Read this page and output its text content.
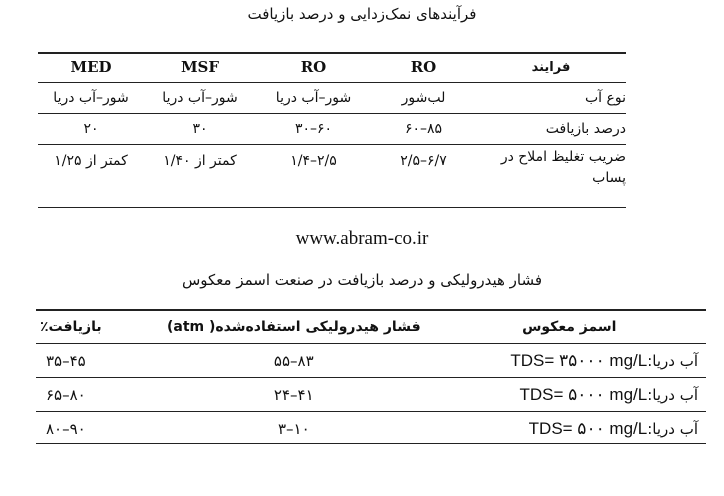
فرآیندهای نمک‌زدایی و درصد بازیافت
فرایند	RO	RO	MSF	MED
نوع آب	لب‌شور	شور–آب دریا	شور–آب دریا	شور–آب دریا
درصد بازیافت	۸۵–۶۰	۶۰–۳۰	۳۰	۲۰
ضریب تغلیظ املاح در پساب	۶/۷–۲/۵	۲/۵–۱/۴	کمتر از ۱/۴۰	کمتر از ۱/۲۵
www.abram-co.ir
فشار هیدرولیکی و درصد بازیافت در صنعت اسمز معکوس
اسمز معکوس	فشار هیدرولیکی استفاده‌شده( atm)	بازیافت٪
آب دریا:TDS= ۳۵۰۰۰ mg/L	۸۳–۵۵	۴۵–۳۵
آب دریا:TDS= ۵۰۰۰ mg/L	۴۱–۲۴	۸۰–۶۵
آب دریا:TDS= ۵۰۰ mg/L	۱۰–۳	۹۰–۸۰
